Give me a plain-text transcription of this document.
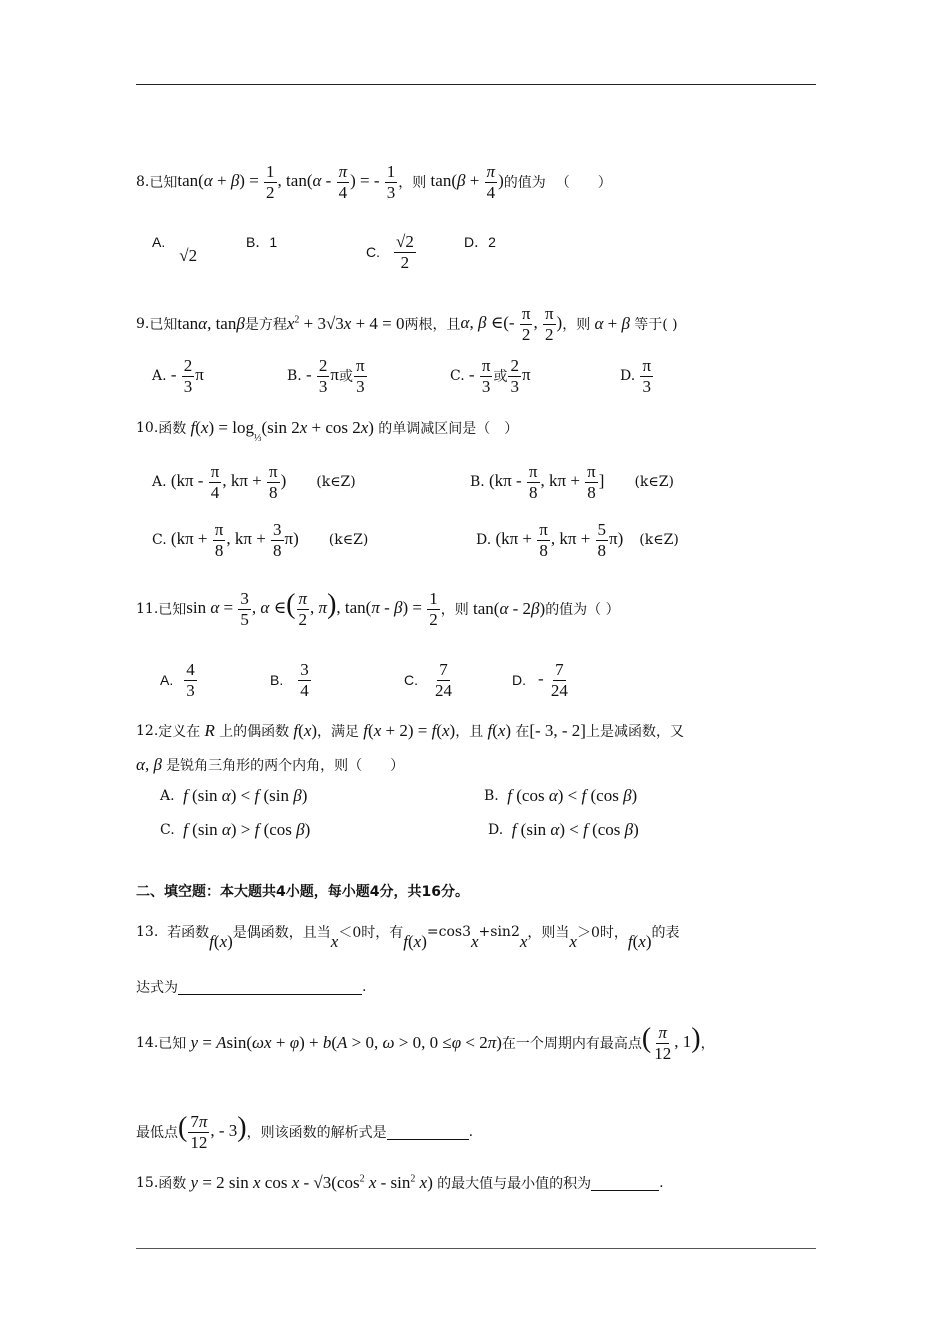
8. 已知 $\tan(\alpha + \beta) = \frac{1}{2}$ , $\tan(\alpha - \frac{\pi}{4}$ ) = - $\frac{1}{3}$ ，则 $\tan(\beta + \frac{\pi}{4}$ ) 的值为 （　　）
A.
√2
B．1
C. $\frac{√2}{2}$	D．2
9. 已知 tanα, tanβ 是方程 $x^2 + 3√3x + 4 = 0$ 两根，且 α, β ∈(- $\frac{\pi}{2}$ , $\frac{\pi}{2}$ ) ，则 α + β 等于( )
A. - $\frac{2}{3}$ π	B. - $\frac{2}{3}$ π 或 $\frac{\pi}{3}$	C. - $\frac{\pi}{3}$ 或 $\frac{2}{3}$ π	D.
$\frac{\pi}{3}$
10. 函数 $f(x) = \log_{\frac{1}{3}}(\sin$ 2x + cos 2x) 的单调减区间是（　）
A. ($k\pi - \frac{\pi}{4}$ , $k\pi + \frac{\pi}{8}$ ) (k∈Z)	B. ($k\pi - \frac{\pi}{8}$ , $k\pi + \frac{\pi}{8}$ ] (k∈Z)
C. ($k\pi + \frac{\pi}{8}$ , $k\pi + \frac{3}{8} \pi$) (k∈Z)	D. ($k\pi + \frac{\pi}{8}$ , $k\pi + \frac{5}{8} \pi$) (k∈Z)
11. 已知 $\sin \alpha = \frac{3}{5}$ , α ∈( $\frac{\pi}{2}$ , π), $\tan(\pi - \beta) = \frac{1}{2}$ ，则 tan(α - 2β) 的值为（ ）
A. $\frac{4}{3}$	B. $\frac{3}{4}$	C. $\frac{7}{24}$	D. - $\frac{7}{24}$
12. 定义在 R 上的偶函数 f(x) ，满足 f(x + 2) = f(x) ，且 f(x) 在 [- 3, - 2] 上是减函数，又
α, β 是锐角三角形的两个内角，则（　　）
A. f (sin α) < f (sin β)	B. f (cos α) < f (cos β)
C. f (sin α) > f (cos β)	D. f (sin α) < f (cos β)
二、填空题：本大题共4小题，每小题4分，共16分。
13.
若函数 f(x) 是偶函数，且当 x ＜0时，有 f(x) =cos3 x +sin2 x ，则当 x ＞0时， f(x) 的表
达式为	.
14. 已知 y = Asin(ωx + φ) + b(A > 0, ω > 0, 0 ≤φ < 2π) 在一个周期内有最高点 ( $\frac{\pi}{12}$ , 1) ，
最低点 ( $\frac{7\pi}{12}$ , - 3) ，则该函数的解析式是	.
15. 函数 y = 2 sin x cos x - $√3(\cos^2$ x - $\sin^2 x$) 的最大值与最小值的积为	.
